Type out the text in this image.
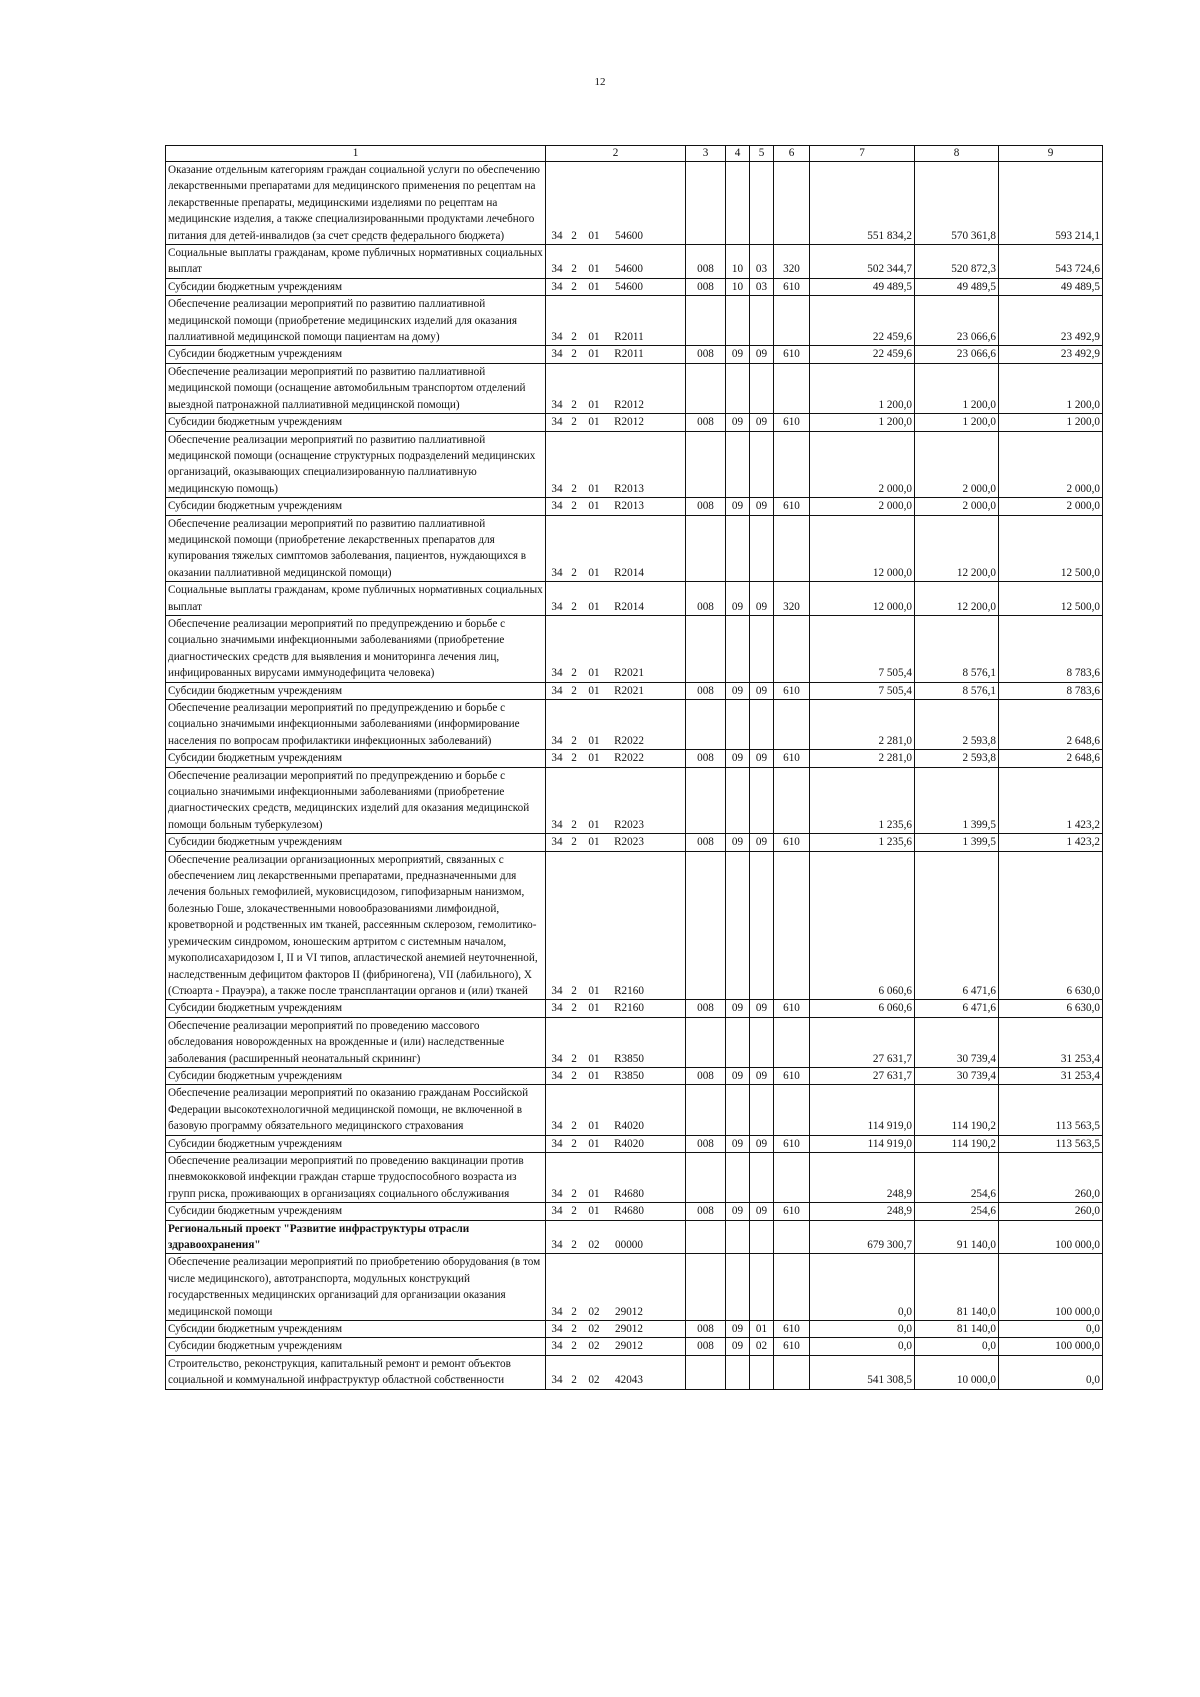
12
1	2	3	4	5	6	7	8	9
Оказание отдельным категориям граждан социальной услуги по обеспечению лекарственными препаратами для медицинского применения по рецептам на лекарственные препараты, медицинскими изделиями по рецептам на медицинские изделия, а также специализированными продуктами лечебного питания для детей-инвалидов (за счет средств федерального бюджета)	34 2 01 54600					551 834,2	570 361,8	593 214,1
Социальные выплаты гражданам, кроме публичных нормативных социальных выплат	34 2 01 54600	008	10	03	320	502 344,7	520 872,3	543 724,6
Субсидии бюджетным учреждениям	34 2 01 54600	008	10	03	610	49 489,5	49 489,5	49 489,5
Обеспечение реализации мероприятий по развитию паллиативной медицинской помощи (приобретение медицинских изделий для оказания паллиативной медицинской помощи пациентам на дому)	34 2 01 R2011					22 459,6	23 066,6	23 492,9
Субсидии бюджетным учреждениям	34 2 01 R2011	008	09	09	610	22 459,6	23 066,6	23 492,9
Обеспечение реализации мероприятий по развитию паллиативной медицинской помощи (оснащение автомобильным транспортом отделений выездной патронажной паллиативной медицинской помощи)	34 2 01 R2012					1 200,0	1 200,0	1 200,0
Субсидии бюджетным учреждениям	34 2 01 R2012	008	09	09	610	1 200,0	1 200,0	1 200,0
Обеспечение реализации мероприятий по развитию паллиативной медицинской помощи (оснащение структурных подразделений медицинских организаций, оказывающих специализированную паллиативную медицинскую помощь)	34 2 01 R2013					2 000,0	2 000,0	2 000,0
Субсидии бюджетным учреждениям	34 2 01 R2013	008	09	09	610	2 000,0	2 000,0	2 000,0
Обеспечение реализации мероприятий по развитию паллиативной медицинской помощи (приобретение лекарственных препаратов для купирования тяжелых симптомов заболевания, пациентов, нуждающихся в оказании паллиативной медицинской помощи)	34 2 01 R2014					12 000,0	12 200,0	12 500,0
Социальные выплаты гражданам, кроме публичных нормативных социальных выплат	34 2 01 R2014	008	09	09	320	12 000,0	12 200,0	12 500,0
Обеспечение реализации мероприятий по предупреждению и борьбе с социально значимыми инфекционными заболеваниями (приобретение диагностических средств для выявления и мониторинга лечения лиц, инфицированных вирусами иммунодефицита человека)	34 2 01 R2021					7 505,4	8 576,1	8 783,6
Субсидии бюджетным учреждениям	34 2 01 R2021	008	09	09	610	7 505,4	8 576,1	8 783,6
Обеспечение реализации мероприятий по предупреждению и борьбе с социально значимыми инфекционными заболеваниями (информирование населения по вопросам профилактики инфекционных заболеваний)	34 2 01 R2022					2 281,0	2 593,8	2 648,6
Субсидии бюджетным учреждениям	34 2 01 R2022	008	09	09	610	2 281,0	2 593,8	2 648,6
Обеспечение реализации мероприятий по предупреждению и борьбе с социально значимыми инфекционными заболеваниями (приобретение диагностических средств, медицинских изделий для оказания медицинской помощи больным туберкулезом)	34 2 01 R2023					1 235,6	1 399,5	1 423,2
Субсидии бюджетным учреждениям	34 2 01 R2023	008	09	09	610	1 235,6	1 399,5	1 423,2
Обеспечение реализации организационных мероприятий, связанных с обеспечением лиц лекарственными препаратами, предназначенными для лечения больных гемофилией, муковисцидозом, гипофизарным нанизмом, болезнью Гоше, злокачественными новообразованиями лимфоидной, кроветворной и родственных им тканей, рассеянным склерозом, гемолитико-уремическим синдромом, юношеским артритом с системным началом, мукополисахаридозом I, II и VI типов, апластической анемией неуточненной, наследственным дефицитом факторов II (фибриногена), VII (лабильного), X (Стюарта - Прауэра), а также после трансплантации органов и (или) тканей	34 2 01 R2160					6 060,6	6 471,6	6 630,0
Субсидии бюджетным учреждениям	34 2 01 R2160	008	09	09	610	6 060,6	6 471,6	6 630,0
Обеспечение реализации мероприятий по проведению массового обследования новорожденных на врожденные и (или) наследственные заболевания (расширенный неонатальный скрининг)	34 2 01 R3850					27 631,7	30 739,4	31 253,4
Субсидии бюджетным учреждениям	34 2 01 R3850	008	09	09	610	27 631,7	30 739,4	31 253,4
Обеспечение реализации мероприятий по оказанию гражданам Российской Федерации высокотехнологичной медицинской помощи, не включенной в базовую программу обязательного медицинского страхования	34 2 01 R4020					114 919,0	114 190,2	113 563,5
Субсидии бюджетным учреждениям	34 2 01 R4020	008	09	09	610	114 919,0	114 190,2	113 563,5
Обеспечение реализации мероприятий по проведению вакцинации против пневмококковой инфекции граждан старше трудоспособного возраста из групп риска, проживающих в организациях социального обслуживания	34 2 01 R4680					248,9	254,6	260,0
Субсидии бюджетным учреждениям	34 2 01 R4680	008	09	09	610	248,9	254,6	260,0
Региональный проект "Развитие инфраструктуры отрасли здравоохранения"	34 2 02 00000					679 300,7	91 140,0	100 000,0
Обеспечение реализации мероприятий по приобретению оборудования (в том числе медицинского), автотранспорта, модульных конструкций государственных медицинских организаций для организации оказания медицинской помощи	34 2 02 29012					0,0	81 140,0	100 000,0
Субсидии бюджетным учреждениям	34 2 02 29012	008	09	01	610	0,0	81 140,0	0,0
Субсидии бюджетным учреждениям	34 2 02 29012	008	09	02	610	0,0	0,0	100 000,0
Строительство, реконструкция, капитальный ремонт и ремонт объектов социальной и коммунальной инфраструктур областной собственности	34 2 02 42043					541 308,5	10 000,0	0,0
